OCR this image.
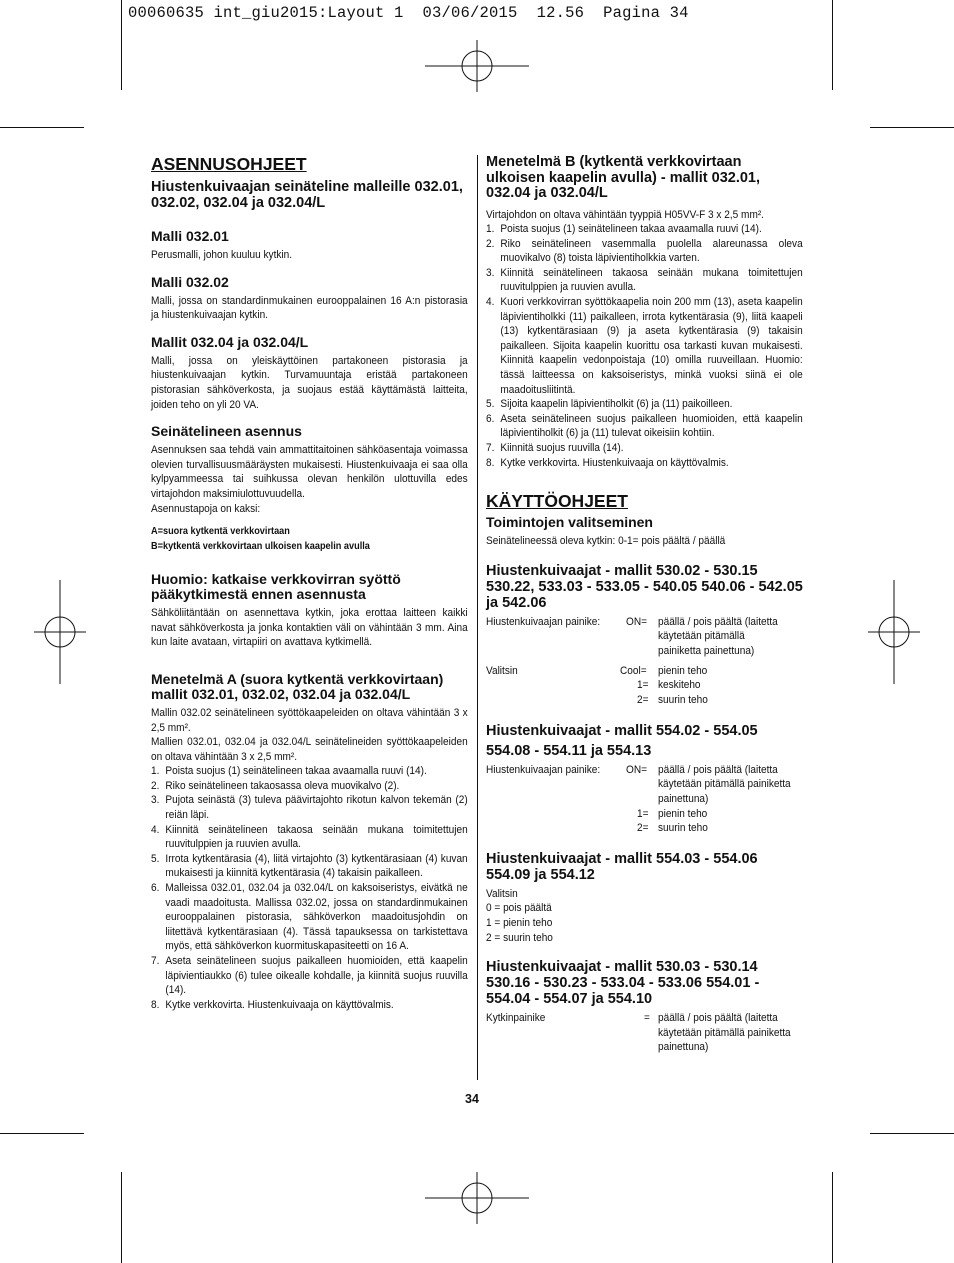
00060635 int_giu2015:Layout 1  03/06/2015  12.56  Pagina 34
ASENNUSOHJEET
Hiustenkuivaajan seinäteline malleille 032.01, 032.02, 032.04 ja 032.04/L
Malli 032.01
Perusmalli, johon kuuluu kytkin.
Malli 032.02
Malli, jossa on standardinmukainen eurooppalainen 16 A:n pistorasia ja hiustenkuivaajan kytkin.
Mallit 032.04 ja 032.04/L
Malli, jossa on yleiskäyttöinen partakoneen pistorasia ja hiustenkuivaajan kytkin. Turvamuuntaja eristää partakoneen pistorasian sähköverkosta, ja suojaus estää käyttämästä laitteita, joiden teho on yli 20 VA.
Seinätelineen asennus
Asennuksen saa tehdä vain ammattitaitoinen sähköasentaja voimassa olevien turvallisuusmääräysten mukaisesti. Hiustenkuivaaja ei saa olla kylpyammeessa tai suihkussa olevan henkilön ulottuvilla edes virtajohdon maksimiulottuvuudella.
Asennustapoja on kaksi:
A=suora kytkentä verkkovirtaan
B=kytkentä verkkovirtaan ulkoisen kaapelin avulla
Huomio: katkaise verkkovirran syöttö pääkytkimestä ennen asennusta
Sähköliitäntään on asennettava kytkin, joka erottaa laitteen kaikki navat sähköverkosta ja jonka kontaktien väli on vähintään 3 mm. Aina kun laite avataan, virtapiiri on avattava kytkimellä.
Menetelmä A (suora kytkentä verkkovirtaan) mallit 032.01, 032.02, 032.04 ja 032.04/L
Mallin 032.02 seinätelineen syöttökaapeleiden on oltava vähintään 3 x 2,5 mm².
Mallien 032.01, 032.04 ja 032.04/L seinätelineiden syöttökaapeleiden on oltava vähintään 3 x 2,5 mm².
1. Poista suojus (1) seinätelineen takaa avaamalla ruuvi (14).
2. Riko seinätelineen takaosassa oleva muovikalvo (2).
3. Pujota seinästä (3) tuleva päävirtajohto rikotun kalvon tekemän (2) reiän läpi.
4. Kiinnitä seinätelineen takaosa seinään mukana toimitettujen ruuvitulppien ja ruuvien avulla.
5. Irrota kytkentärasia (4), liitä virtajohto (3) kytkentärasiaan (4) kuvan mukaisesti ja kiinnitä kytkentärasia (4) takaisin paikalleen.
6. Malleissa 032.01, 032.04 ja 032.04/L on kaksoiseristys, eivätkä ne vaadi maadoitusta. Mallissa 032.02, jossa on standardinmukainen eurooppalainen pistorasia, sähköverkon maadoitusjohdin on liitettävä kytkentärasiaan (4). Tässä tapauksessa on tarkistettava myös, että sähköverkon kuormituskapasiteetti on 16 A.
7. Aseta seinätelineen suojus paikalleen huomioiden, että kaapelin läpivientiaukko (6) tulee oikealle kohdalle, ja kiinnitä suojus ruuvilla (14).
8. Kytke verkkovirta. Hiustenkuivaaja on käyttövalmis.
Menetelmä B (kytkentä verkkovirtaan ulkoisen kaapelin avulla) - mallit 032.01, 032.04 ja 032.04/L
Virtajohdon on oltava vähintään tyyppiä H05VV-F 3 x 2,5 mm².
1. Poista suojus (1) seinätelineen takaa avaamalla ruuvi (14).
2. Riko seinätelineen vasemmalla puolella alareunassa oleva muovikalvo (8) toista läpivientiholkkia varten.
3. Kiinnitä seinätelineen takaosa seinään mukana toimitettujen ruuvitulppien ja ruuvien avulla.
4. Kuori verkkovirran syöttökaapelia noin 200 mm (13), aseta kaapelin läpivientiholkki (11) paikalleen, irrota kytkentärasia (9), liitä kaapeli (13) kytkentärasiaan (9) ja aseta kytkentärasia (9) takaisin paikalleen. Sijoita kaapelin kuorittu osa tarkasti kuvan mukaisesti. Kiinnitä kaapelin vedonpoistaja (10) omilla ruuveillaan. Huomio: tässä laitteessa on kaksoiseristys, minkä vuoksi siinä ei ole maadoitusliitintä.
5. Sijoita kaapelin läpivientiholkit (6) ja (11) paikoilleen.
6. Aseta seinätelineen suojus paikalleen huomioiden, että kaapelin läpivientiholkit (6) ja (11) tulevat oikeisiin kohtiin.
7. Kiinnitä suojus ruuvilla (14).
8. Kytke verkkovirta. Hiustenkuivaaja on käyttövalmis.
KÄYTTÖOHJEET
Toimintojen valitseminen
Seinätelineessä oleva kytkin: 0-1= pois päältä / päällä
Hiustenkuivaajat - mallit 530.02 - 530.15 530.22, 533.03 - 533.05 - 540.05 540.06 - 542.05 ja 542.06
Hiustenkuivaajan painike: ON= päällä / pois päältä (laitetta
käytetään pitämällä
painiketta painettuna)
Valitsin	Cool= pienin teho
1= keskiteho
2= suurin teho
Hiustenkuivaajat - mallit 554.02 - 554.05
554.08 - 554.11 ja 554.13
Hiustenkuivaajan painike: ON= päällä / pois päältä (laitetta
käytetään pitämällä painiketta
painettuna)
1= pienin teho
2= suurin teho
Hiustenkuivaajat - mallit 554.03 - 554.06 554.09 ja 554.12
Valitsin
0 = pois päältä
1 = pienin teho
2 = suurin teho
Hiustenkuivaajat - mallit 530.03 - 530.14 530.16 - 530.23 - 533.04 - 533.06 554.01 - 554.04 - 554.07 ja 554.10
Kytkinpainike	= päällä / pois päältä (laitetta
käytetään pitämällä painiketta
painettuna)
34
